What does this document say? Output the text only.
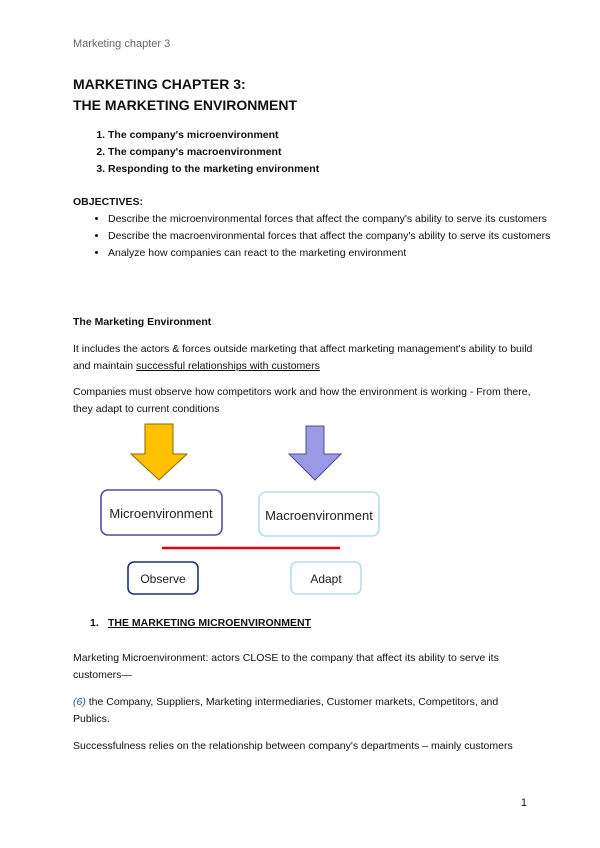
Marketing chapter 3
MARKETING CHAPTER 3:
THE MARKETING ENVIRONMENT
1. The company's microenvironment
2. The company's macroenvironment
3. Responding to the marketing environment
OBJECTIVES:
• Describe the microenvironmental forces that affect the company's ability to serve its customers
• Describe the macroenvironmental forces that affect the company's ability to serve its customers
• Analyze how companies can react to the marketing environment
The Marketing Environment
It includes the actors & forces outside marketing that affect marketing management's ability to build and maintain successful relationships with customers
Companies must observe how competitors work and how the environment is working - From there, they adapt to current conditions
Microenvironment	Macroenvironment
Observe	Adapt
1. THE MARKETING MICROENVIRONMENT
Marketing Microenvironment: actors CLOSE to the company that affect its ability to serve its customers—
(6) the Company, Suppliers, Marketing intermediaries, Customer markets, Competitors, and Publics.
Successfulness relies on the relationship between company's departments – mainly customers
1
